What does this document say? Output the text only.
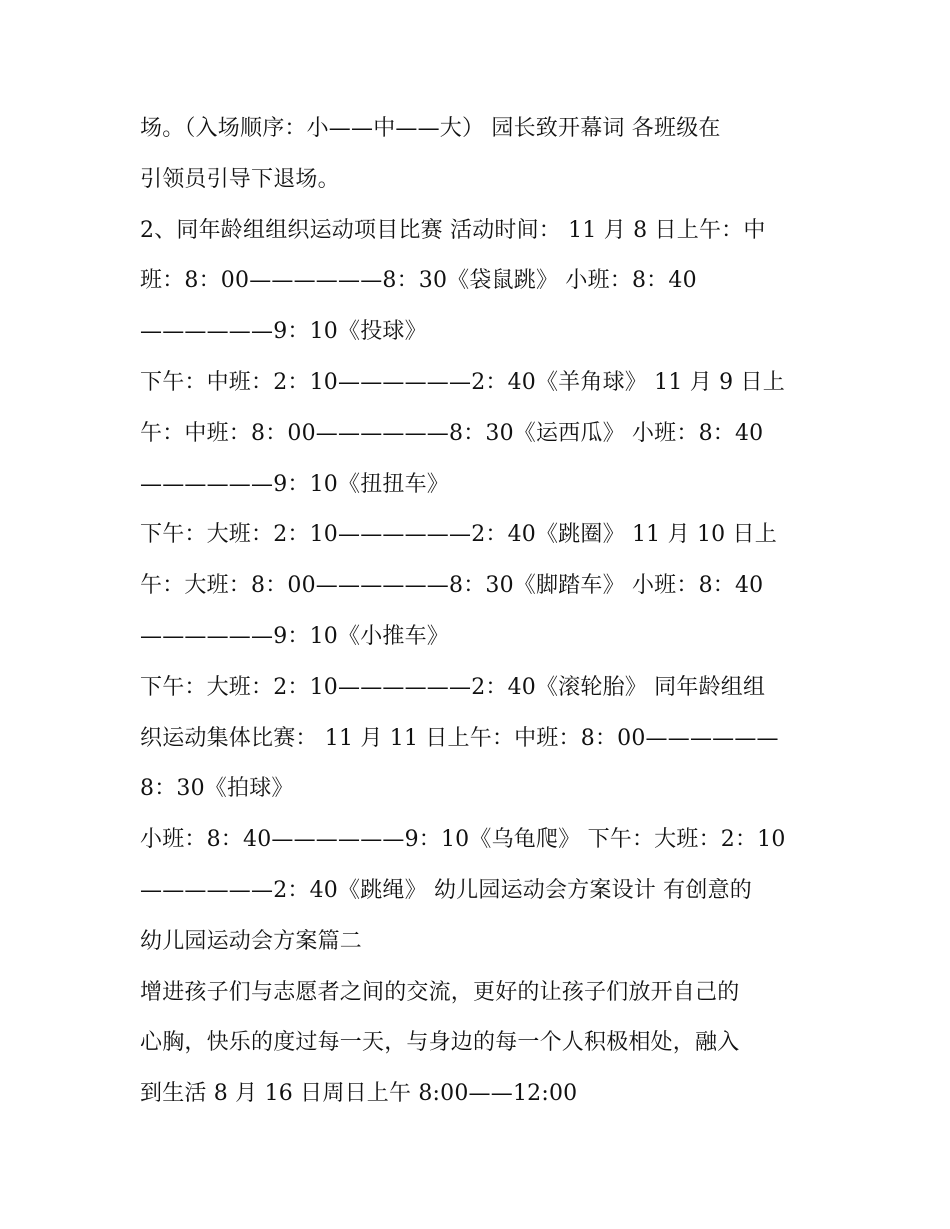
场。（入场顺序：小——中——大） 园长致开幕词 各班级在
引领员引导下退场。
2、同年龄组组织运动项目比赛 活动时间： 11 月 8 日上午：中
班：8：00——————8：30《袋鼠跳》 小班：8：40
——————9：10《投球》
下午：中班：2：10——————2：40《羊角球》 11 月 9 日上
午：中班：8：00——————8：30《运西瓜》 小班：8：40
——————9：10《扭扭车》
下午：大班：2：10——————2：40《跳圈》 11 月 10 日上
午：大班：8：00——————8：30《脚踏车》 小班：8：40
——————9：10《小推车》
下午：大班：2：10——————2：40《滚轮胎》 同年龄组组
织运动集体比赛： 11 月 11 日上午：中班：8：00——————
8：30《拍球》
小班：8：40——————9：10《乌龟爬》 下午：大班：2：10
——————2：40《跳绳》 幼儿园运动会方案设计 有创意的
幼儿园运动会方案篇二
增进孩子们与志愿者之间的交流，更好的让孩子们放开自己的
心胸，快乐的度过每一天，与身边的每一个人积极相处，融入
到生活 8 月 16 日周日上午 8:00——12:00
